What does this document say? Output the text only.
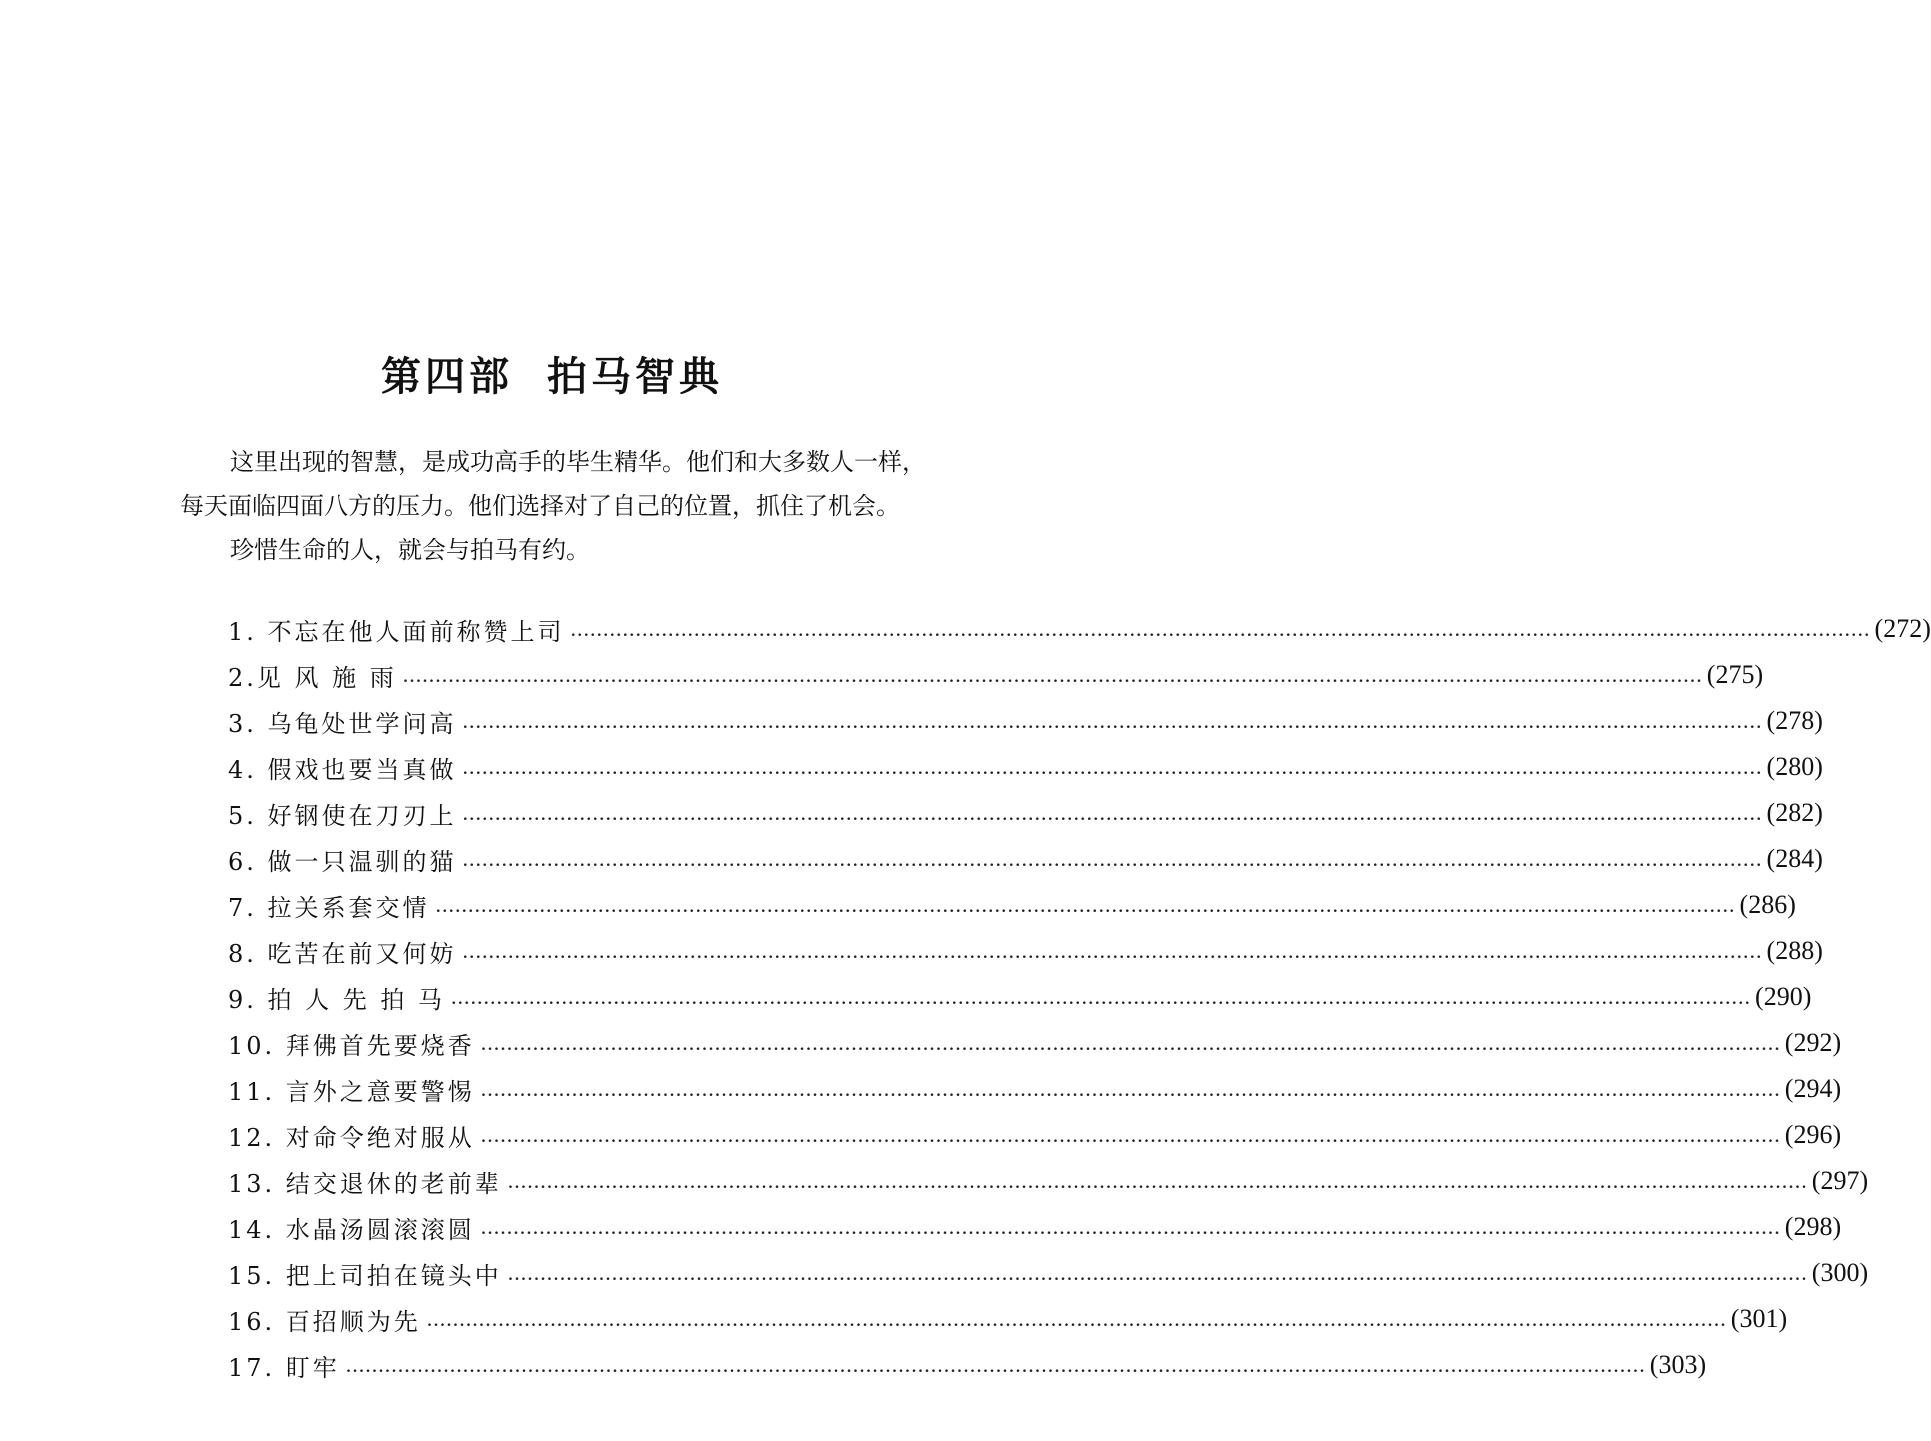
第四部 拍马智典

这里出现的智慧，是成功高手的毕生精华。他们和大多数人一样，每天面临四面八方的压力。他们选择对了自己的位置，抓住了机会。

珍惜生命的人，就会与拍马有约。

1. 不忘在他人面前称赞上司 ........................................................................................................................................................................................................ (272)
2.见 风 施 雨 ........................................................................................................................................................................................................ (275)
3. 乌龟处世学问高 ........................................................................................................................................................................................................ (278)
4. 假戏也要当真做 ........................................................................................................................................................................................................ (280)
5. 好钢使在刀刃上 ........................................................................................................................................................................................................ (282)
6. 做一只温驯的猫 ........................................................................................................................................................................................................ (284)
7. 拉关系套交情 ........................................................................................................................................................................................................ (286)
8. 吃苦在前又何妨 ........................................................................................................................................................................................................ (288)
9. 拍 人 先 拍 马 ........................................................................................................................................................................................................ (290)
10. 拜佛首先要烧香 ........................................................................................................................................................................................................ (292)
11. 言外之意要警惕 ........................................................................................................................................................................................................ (294)
12. 对命令绝对服从 ........................................................................................................................................................................................................ (296)
13. 结交退休的老前辈 ........................................................................................................................................................................................................ (297)
14. 水晶汤圆滚滚圆 ........................................................................................................................................................................................................ (298)
15. 把上司拍在镜头中 ........................................................................................................................................................................................................ (300)
16. 百招顺为先 ........................................................................................................................................................................................................ (301)
17. 盯牢 ........................................................................................................................................................................................................ (303)
